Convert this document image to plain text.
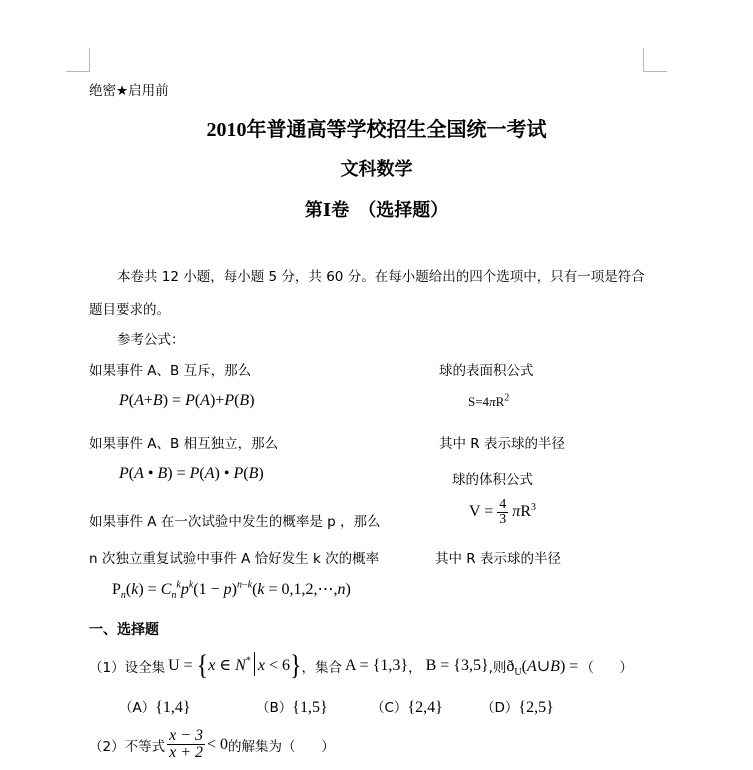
绝密★启用前
2010年普通高等学校招生全国统一考试
文科数学
第Ⅰ卷  （选择题）
本卷共 12 小题，每小题 5 分，共 60 分。在每小题给出的四个选项中，只有一项是符合
题目要求的。
参考公式：
如果事件 A、B 互斥，那么
P(A+B) = P(A)+P(B)
如果事件 A、B 相互独立，那么
P(A • B) = P(A) • P(B)
如果事件 A 在一次试验中发生的概率是 p ，那么
n 次独立重复试验中事件 A 恰好发生 k 次的概率
$P_n(k) = C_n^kp^k(1 - p)^{n-k}(k$ = 0,1,2,⋯,n)
球的表面积公式
$S=4\pi R^2$
其中 R 表示球的半径
球的体积公式
$V = \frac{4}{3} \pi R^3$
其中 R 表示球的半径
一、选择题
（1） 设全集 U = {x ∈ N* x < 6} ，集合 A = {1,3} ， B = {3,5} ,则 $ð_U(A\cup B)$ = （      ）
（A）{1,4}	（B）{1,5}	（C）{2,4}	（D）{2,5}
（2） 不等式 $\frac{x - 3}{x + 2} < 0$ 的解集为 （      ）
